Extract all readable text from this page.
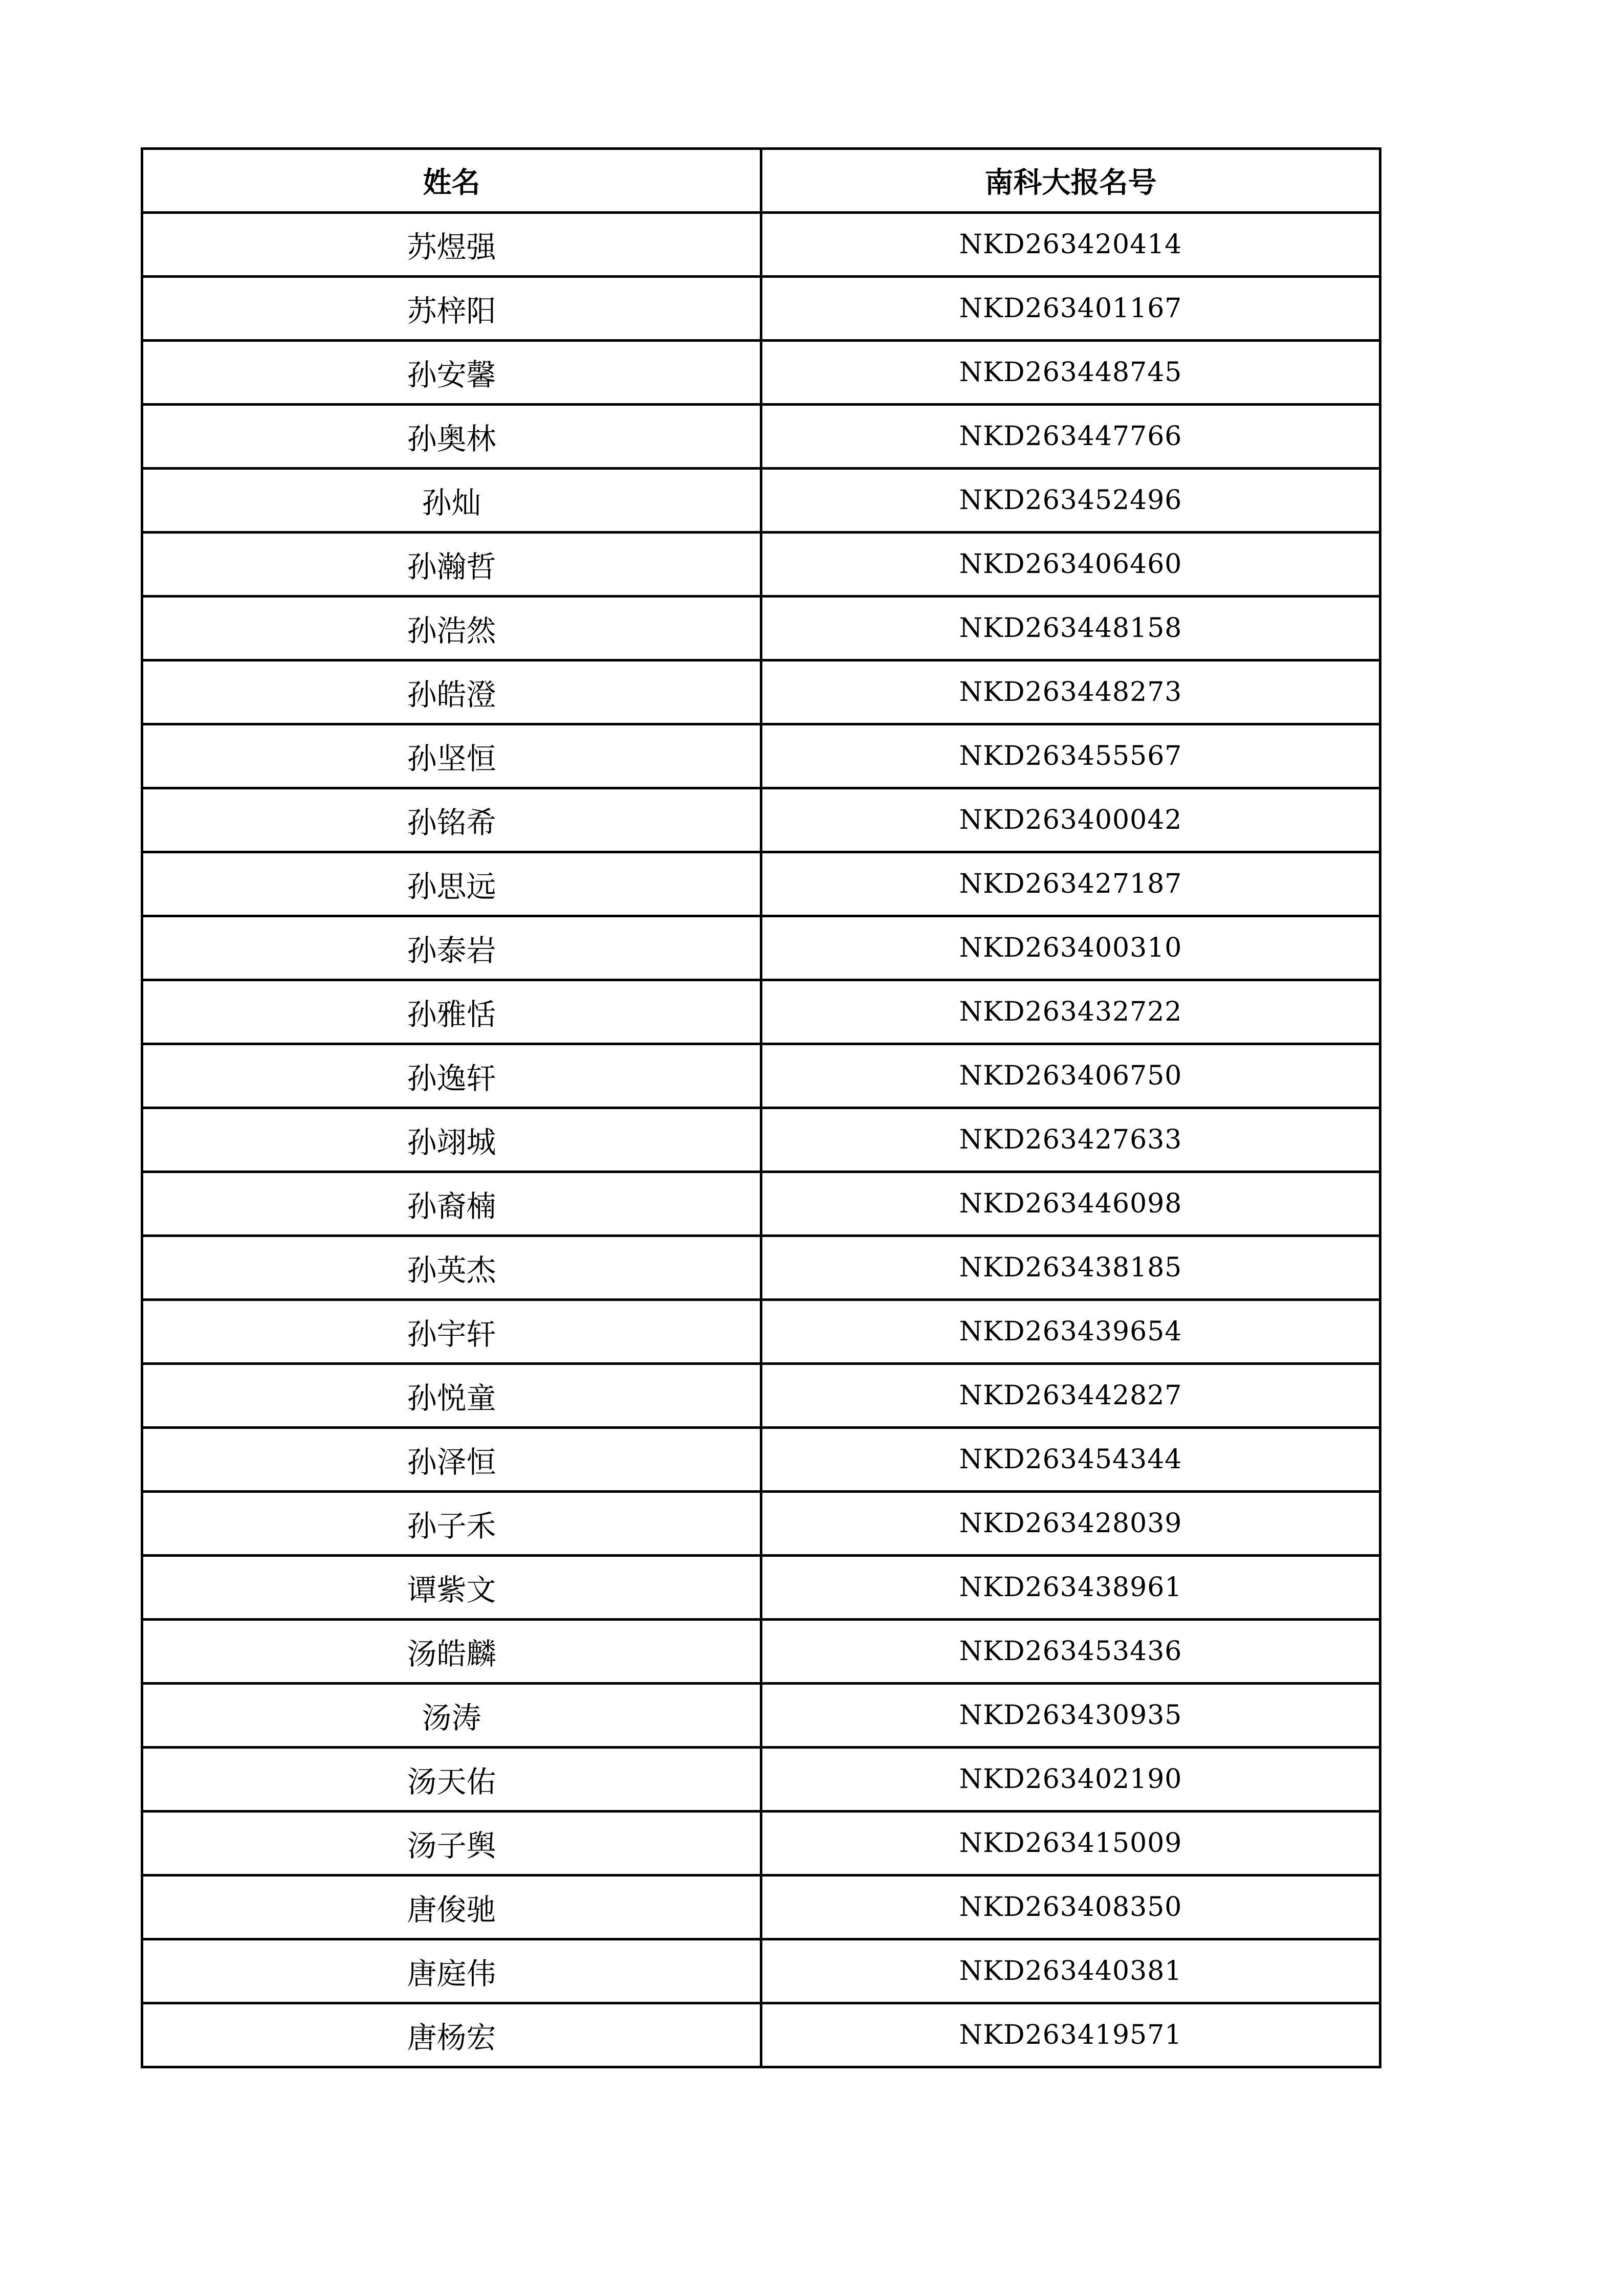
姓名	南科大报名号
苏煜强	NKD263420414
苏梓阳	NKD263401167
孙安馨	NKD263448745
孙奥林	NKD263447766
孙灿	NKD263452496
孙瀚哲	NKD263406460
孙浩然	NKD263448158
孙皓澄	NKD263448273
孙坚恒	NKD263455567
孙铭希	NKD263400042
孙思远	NKD263427187
孙泰岩	NKD263400310
孙雅恬	NKD263432722
孙逸轩	NKD263406750
孙翊城	NKD263427633
孙裔楠	NKD263446098
孙英杰	NKD263438185
孙宇轩	NKD263439654
孙悦童	NKD263442827
孙泽恒	NKD263454344
孙子禾	NKD263428039
谭紫文	NKD263438961
汤皓麟	NKD263453436
汤涛	NKD263430935
汤天佑	NKD263402190
汤子舆	NKD263415009
唐俊驰	NKD263408350
唐庭伟	NKD263440381
唐杨宏	NKD263419571
